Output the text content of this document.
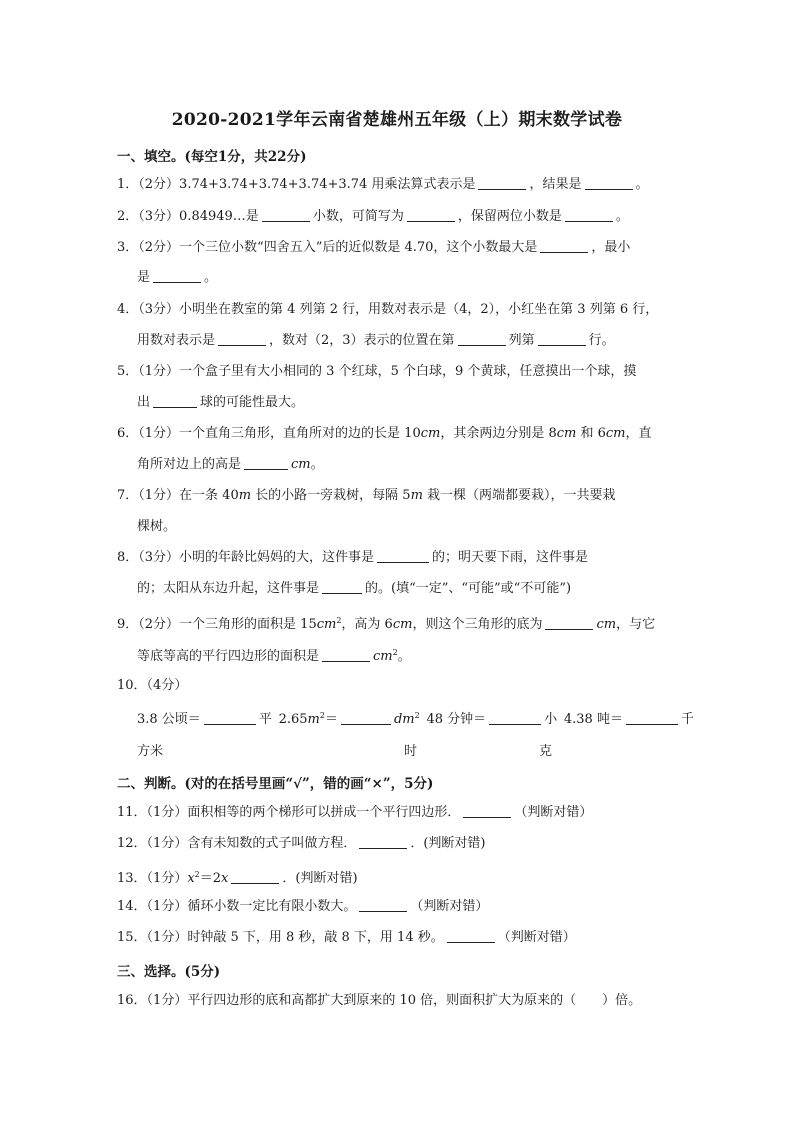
2020-2021学年云南省楚雄州五年级（上）期末数学试卷
一、填空。(每空1分，共22分)
1．（2分）3.74+3.74+3.74+3.74+3.74 用乘法算式表示是	，结果是	。
2．（3分）0.84949…是	小数，可简写为	，保留两位小数是	。
3．（2分）一个三位小数“四舍五入”后的近似数是 4.70，这个小数最大是	，最小
是	。
4．（3分）小明坐在教室的第 4 列第 2 行，用数对表示是（4，2），小红坐在第 3 列第 6 行，
用数对表示是	，数对（2，3）表示的位置在第	列第	行。
5．（1分）一个盒子里有大小相同的 3 个红球，5 个白球，9 个黄球，任意摸出一个球，摸
出	球的可能性最大。
6．（1分）一个直角三角形，直角所对的边的长是 10cm，其余两边分别是 8cm 和 6cm，直
角所对边上的高是	cm。
7．（1分）在一条 40m 长的小路一旁栽树，每隔 5m 栽一棵（两端都要栽），一共要栽
棵树。
8．（3分）小明的年龄比妈妈的大，这件事是	的；明天要下雨，这件事是
的；太阳从东边升起，这件事是	的。(填“一定”、“可能”或“不可能”)
9．（2分）一个三角形的面积是 $15cm^2$，高为 6cm，则这个三角形的底为	cm，与它
等底等高的平行四边形的面积是	$cm^2$。
10．（4分）
3.8 公顷＝	平 $2.65m^2=$	$dm^2$ 48 分钟＝	小 4.38 吨＝	千
方米	时	克
二、判断。(对的在括号里画“√”，错的画“×”，5分)
11．（1分）面积相等的两个梯形可以拼成一个平行四边形．	（判断对错）
12．（1分）含有未知数的式子叫做方程．	．(判断对错)
13．（1分）$x^2=2x$	．(判断对错)
14．（1分）循环小数一定比有限小数大。	（判断对错）
15．（1分）时钟敲 5 下，用 8 秒，敲 8 下，用 14 秒。	（判断对错）
三、选择。(5分)
16．（1分）平行四边形的底和高都扩大到原来的 10 倍，则面积扩大为原来的（　　）倍。
